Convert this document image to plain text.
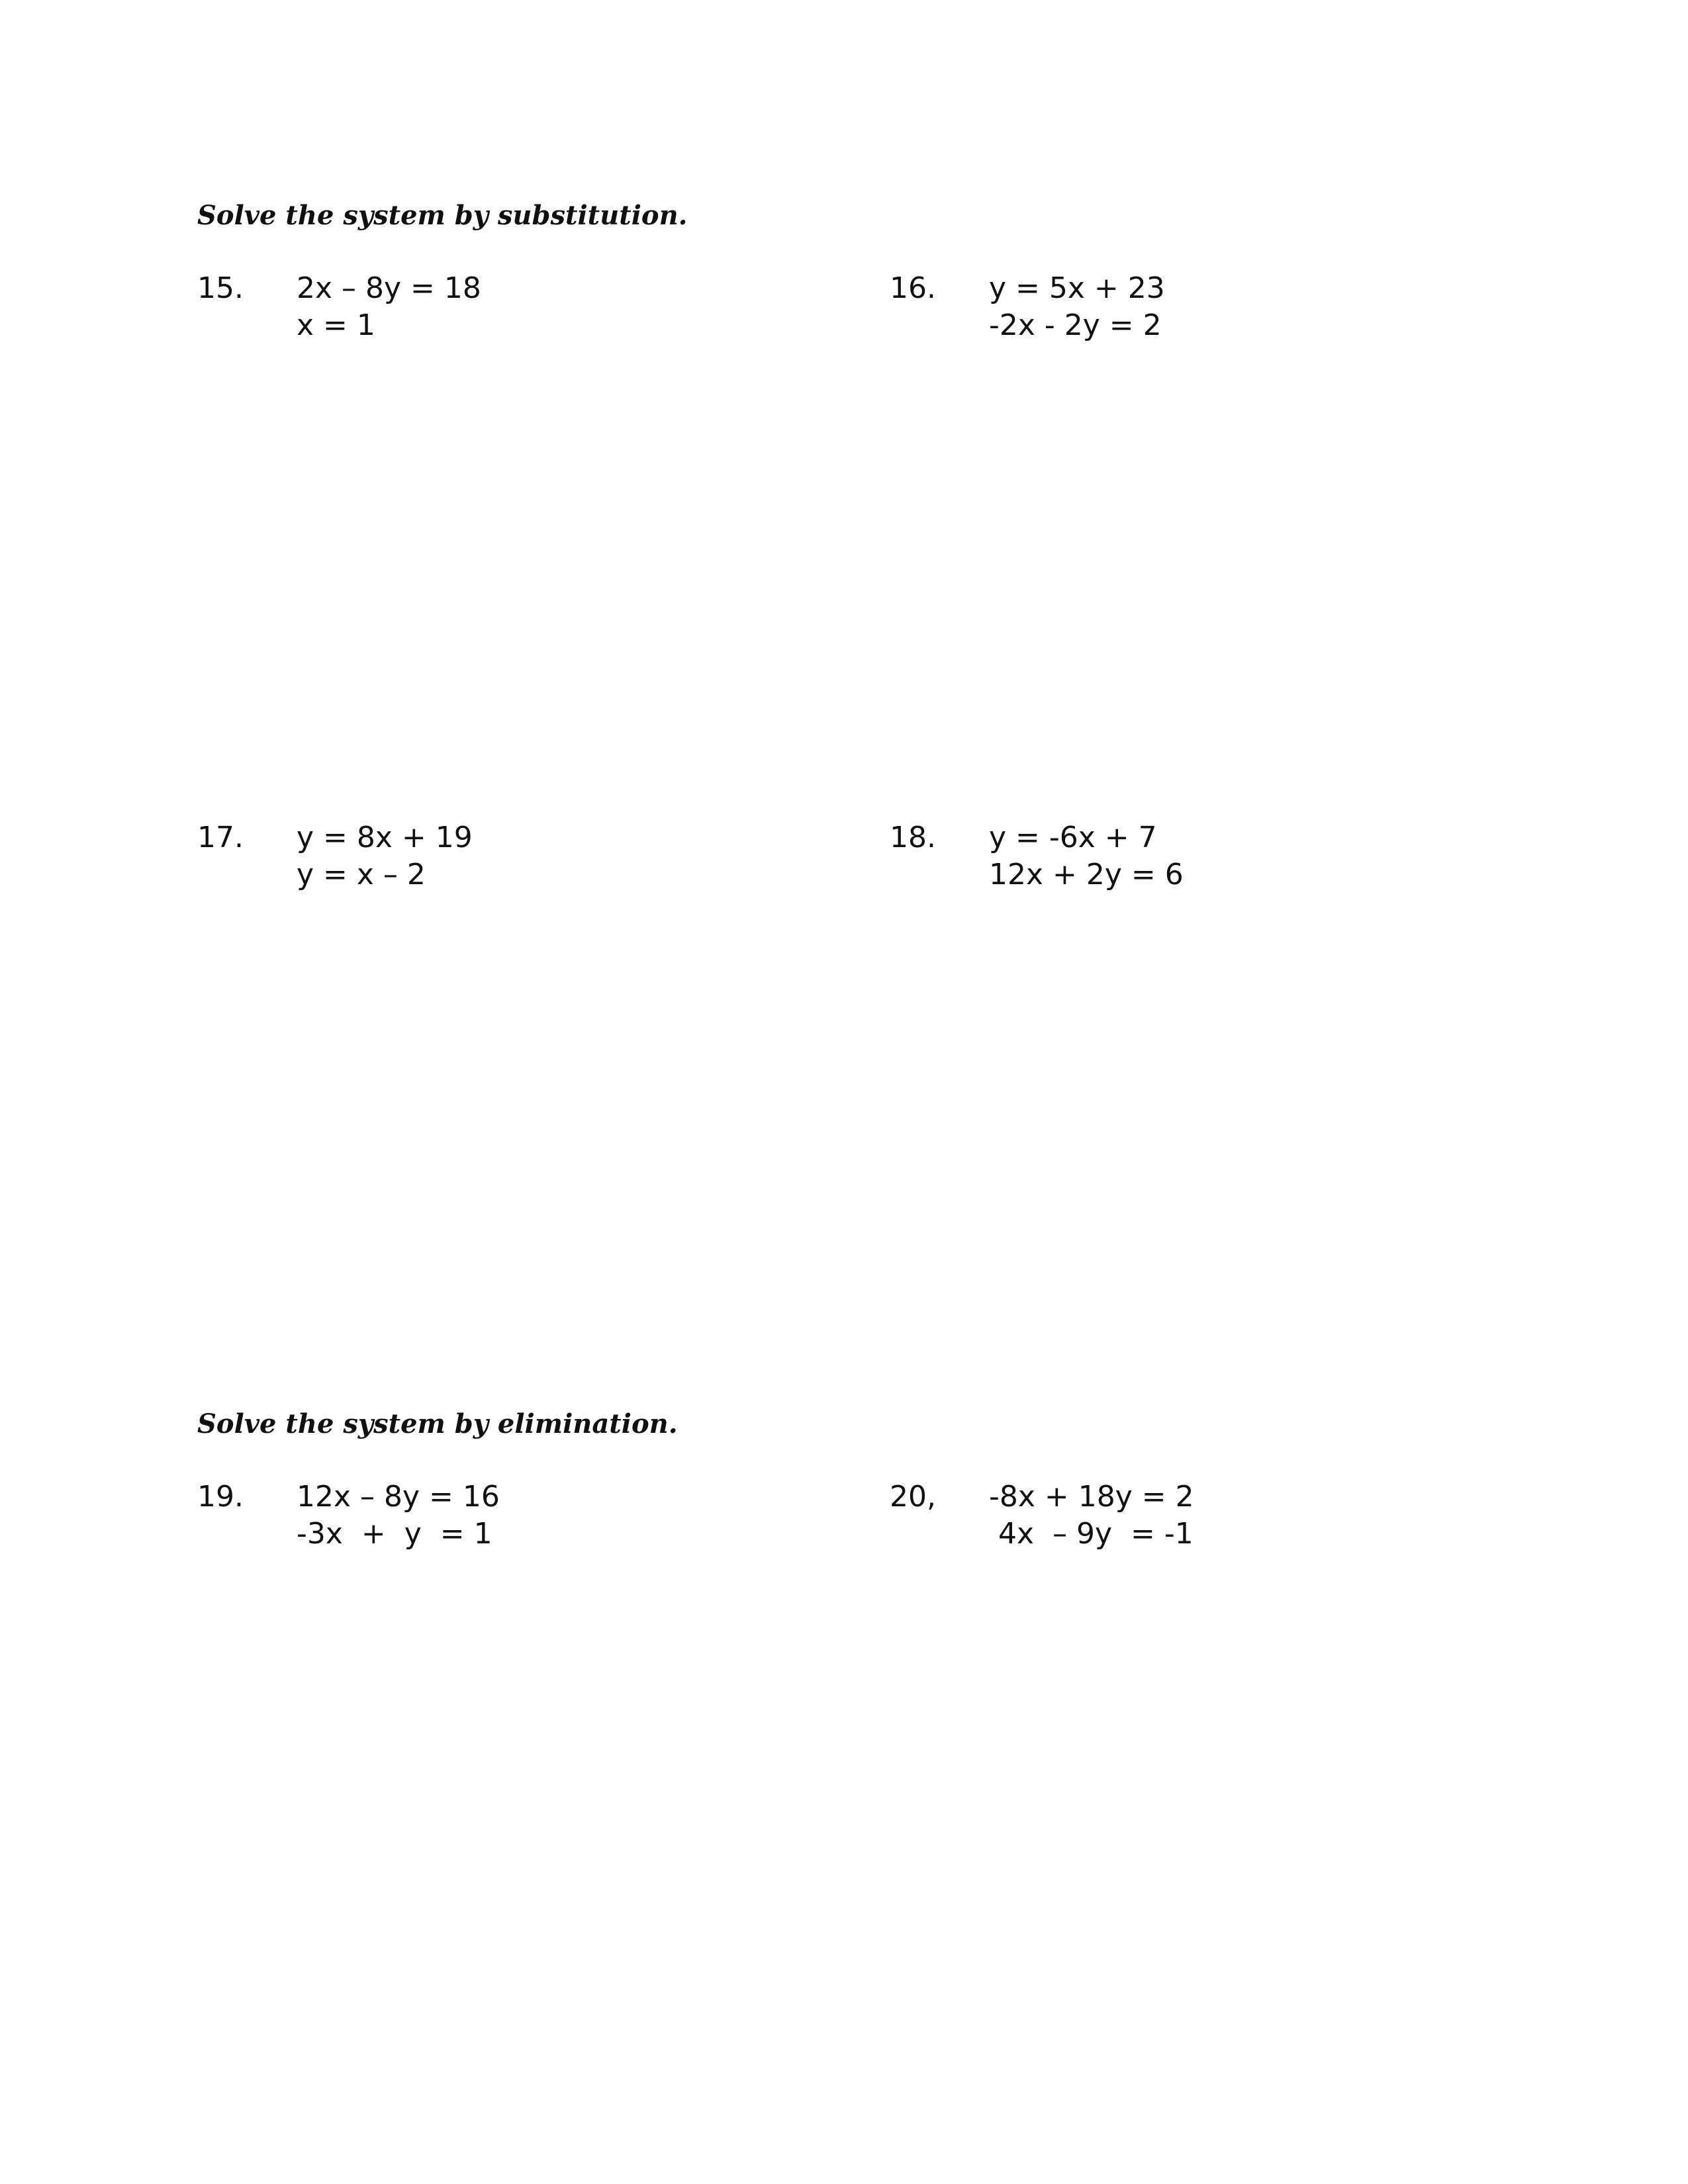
Solve the system by substitution.
15. 2x – 8y = 18
x = 1
16. y = 5x + 23
-2x - 2y = 2
17. y = 8x + 19
y = x – 2
18. y = -6x + 7
12x + 2y = 6
Solve the system by elimination.
19. 12x – 8y = 16
-3x  +  y  = 1
20, -8x + 18y = 2
4x  – 9y  = -1
